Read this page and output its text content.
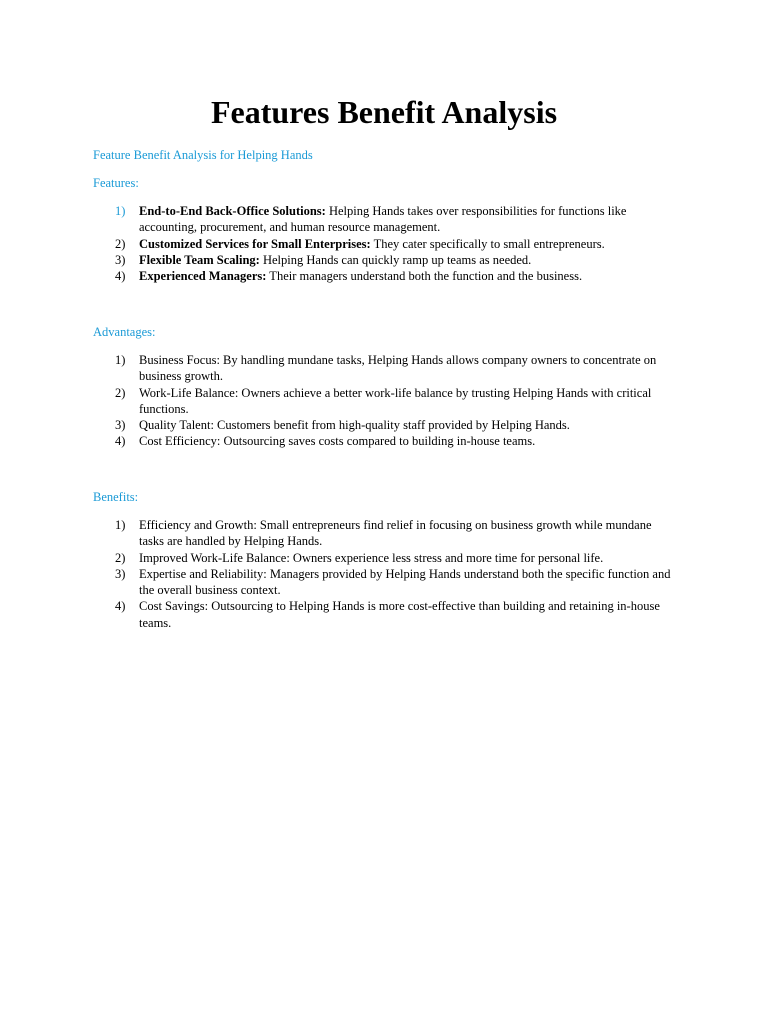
Features Benefit Analysis

Feature Benefit Analysis for Helping Hands

Features:

1) End-to-End Back-Office Solutions: Helping Hands takes over responsibilities for functions like accounting, procurement, and human resource management.
2) Customized Services for Small Enterprises: They cater specifically to small entrepreneurs.
3) Flexible Team Scaling: Helping Hands can quickly ramp up teams as needed.
4) Experienced Managers: Their managers understand both the function and the business.

Advantages:

1) Business Focus: By handling mundane tasks, Helping Hands allows company owners to concentrate on business growth.
2) Work-Life Balance: Owners achieve a better work-life balance by trusting Helping Hands with critical functions.
3) Quality Talent: Customers benefit from high-quality staff provided by Helping Hands.
4) Cost Efficiency: Outsourcing saves costs compared to building in-house teams.

Benefits:

1) Efficiency and Growth: Small entrepreneurs find relief in focusing on business growth while mundane tasks are handled by Helping Hands.
2) Improved Work-Life Balance: Owners experience less stress and more time for personal life.
3) Expertise and Reliability: Managers provided by Helping Hands understand both the specific function and the overall business context.
4) Cost Savings: Outsourcing to Helping Hands is more cost-effective than building and retaining in-house teams.
